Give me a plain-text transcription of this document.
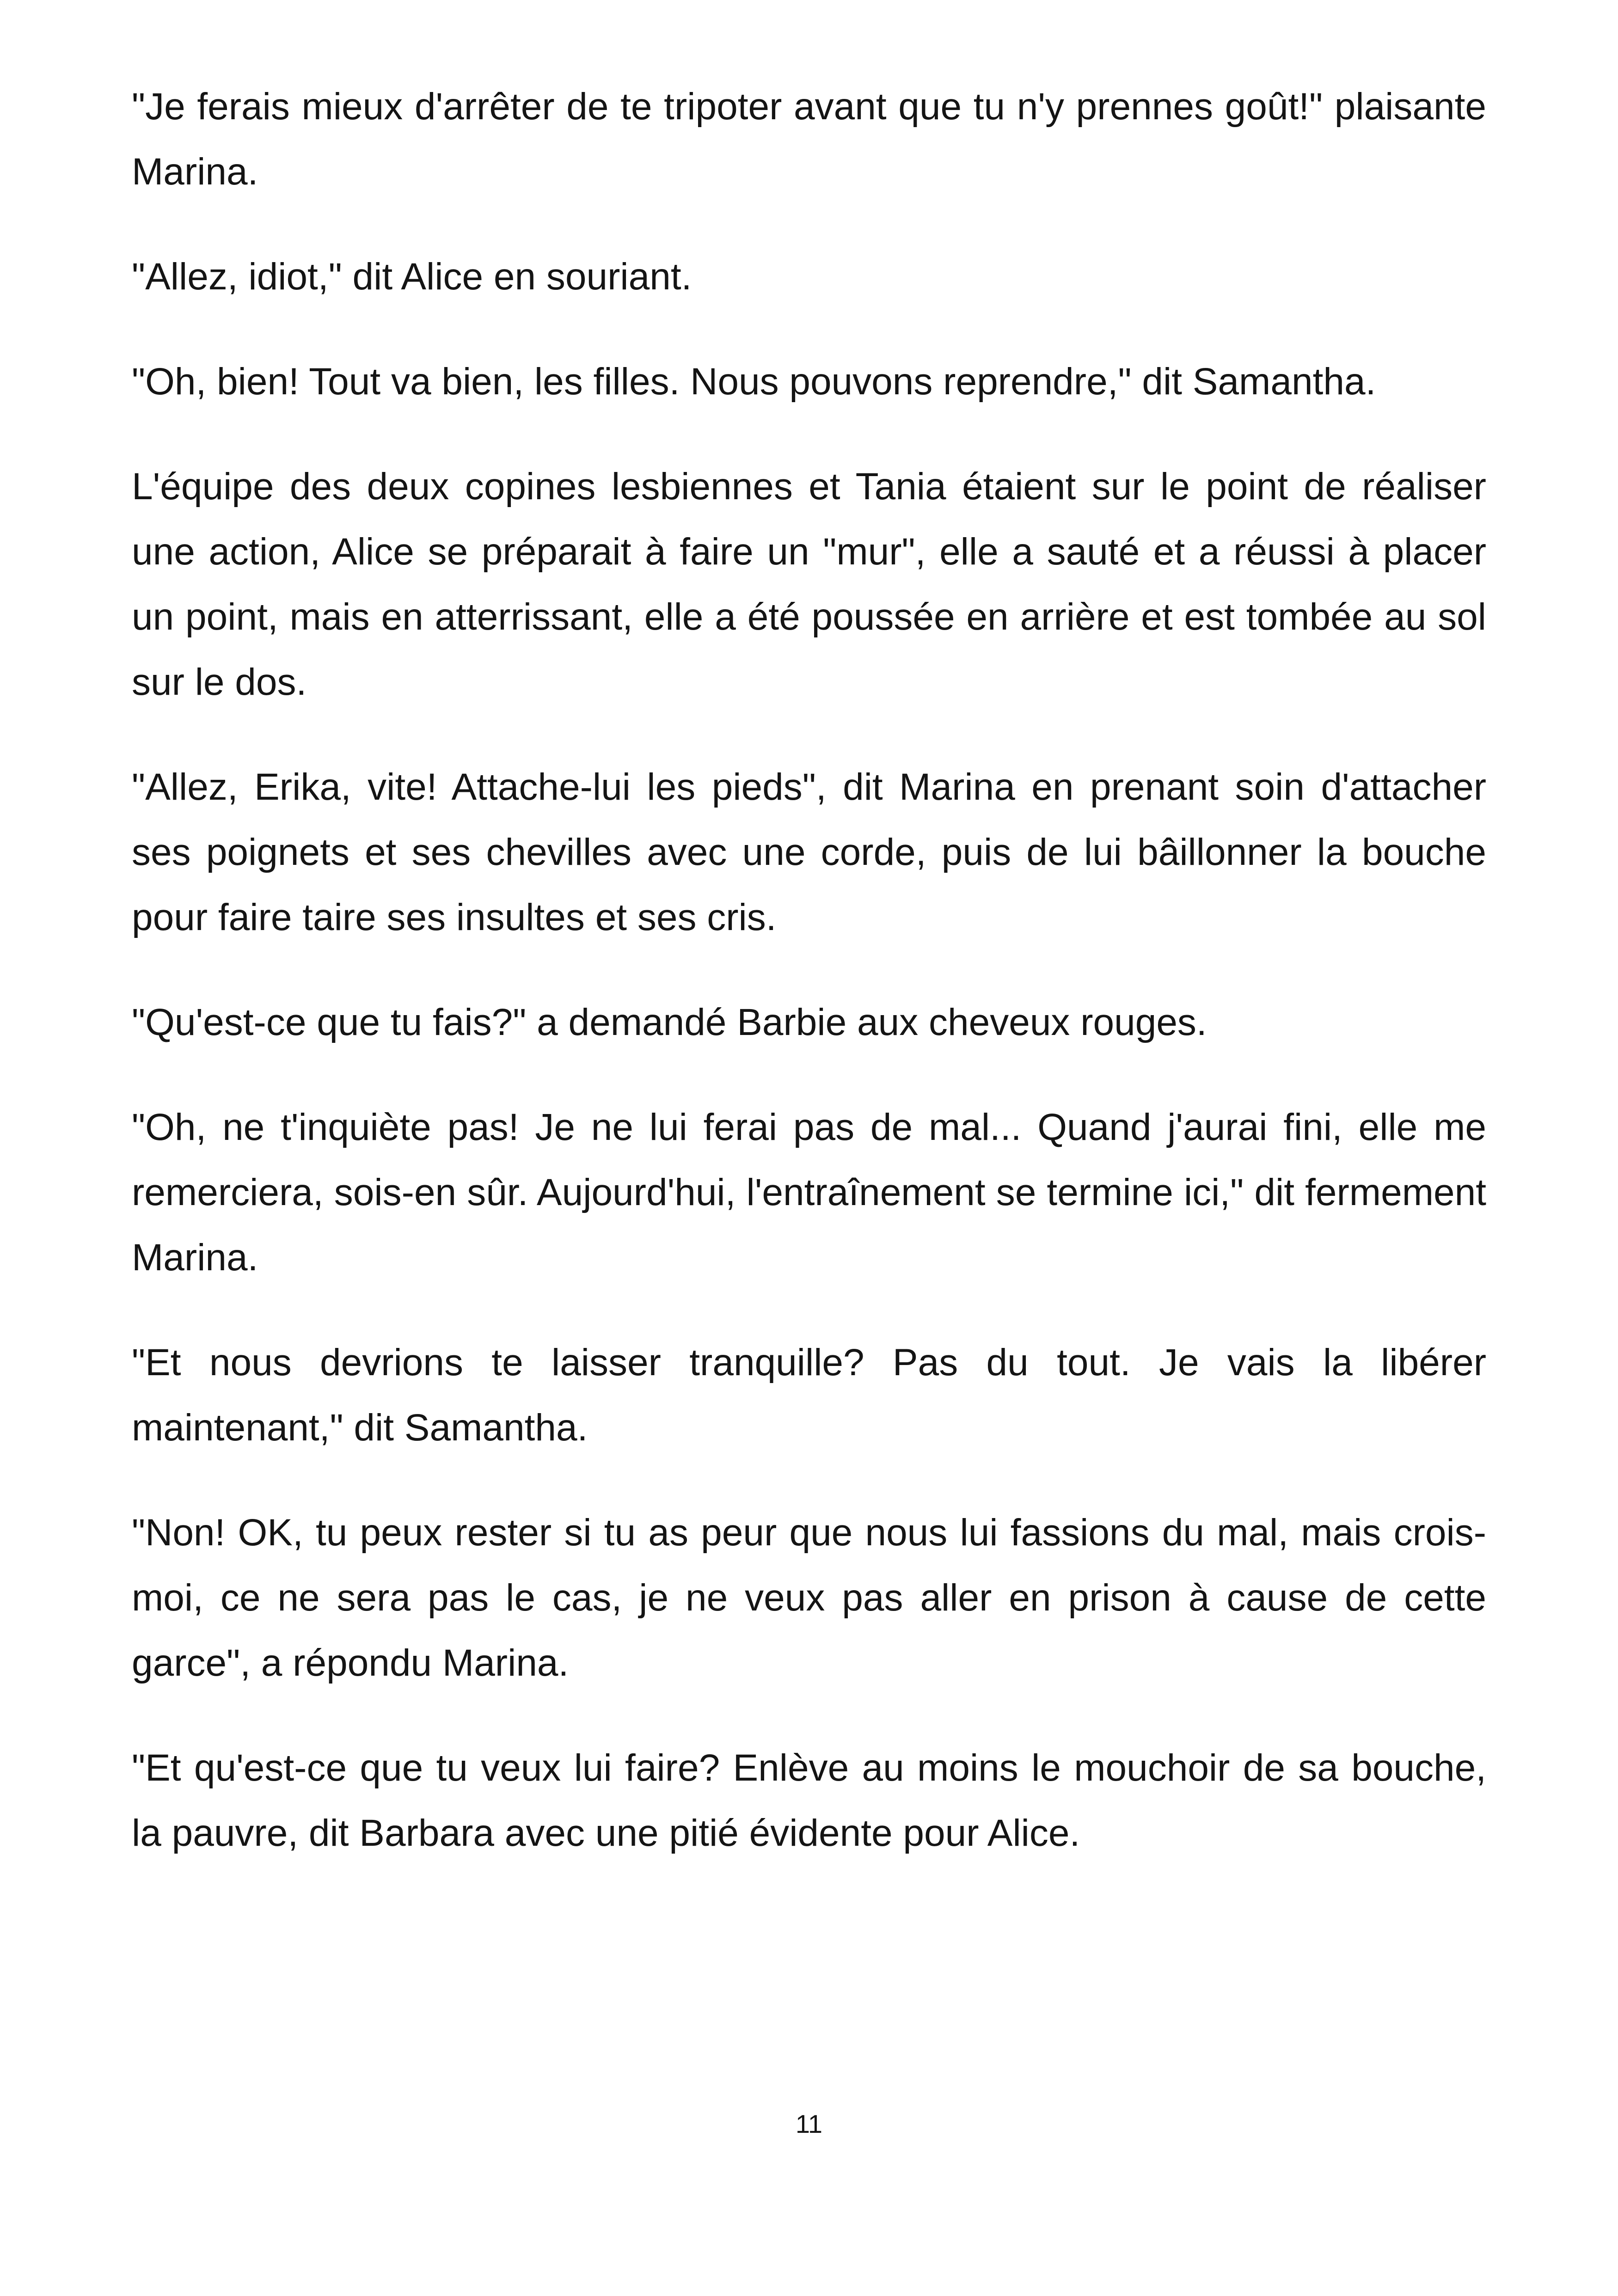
"Je ferais mieux d'arrêter de te tripoter avant que tu n'y prennes goût!" plaisante Marina.

"Allez, idiot," dit Alice en souriant.

"Oh, bien! Tout va bien, les filles. Nous pouvons reprendre," dit Samantha.

L'équipe des deux copines lesbiennes et Tania étaient sur le point de réaliser une action, Alice se préparait à faire un "mur", elle a sauté et a réussi à placer un point, mais en atterrissant, elle a été poussée en arrière et est tombée au sol sur le dos.

"Allez, Erika, vite! Attache-lui les pieds", dit Marina en prenant soin d'attacher ses poignets et ses chevilles avec une corde, puis de lui bâillonner la bouche pour faire taire ses insultes et ses cris.

"Qu'est-ce que tu fais?" a demandé Barbie aux cheveux rouges.

"Oh, ne t'inquiète pas! Je ne lui ferai pas de mal... Quand j'aurai fini, elle me remerciera, sois-en sûr. Aujourd'hui, l'entraînement se termine ici," dit fermement Marina.

"Et nous devrions te laisser tranquille? Pas du tout. Je vais la libérer maintenant," dit Samantha.

"Non! OK, tu peux rester si tu as peur que nous lui fassions du mal, mais crois-moi, ce ne sera pas le cas, je ne veux pas aller en prison à cause de cette garce", a répondu Marina.

"Et qu'est-ce que tu veux lui faire? Enlève au moins le mouchoir de sa bouche, la pauvre, dit Barbara avec une pitié évidente pour Alice.

11
